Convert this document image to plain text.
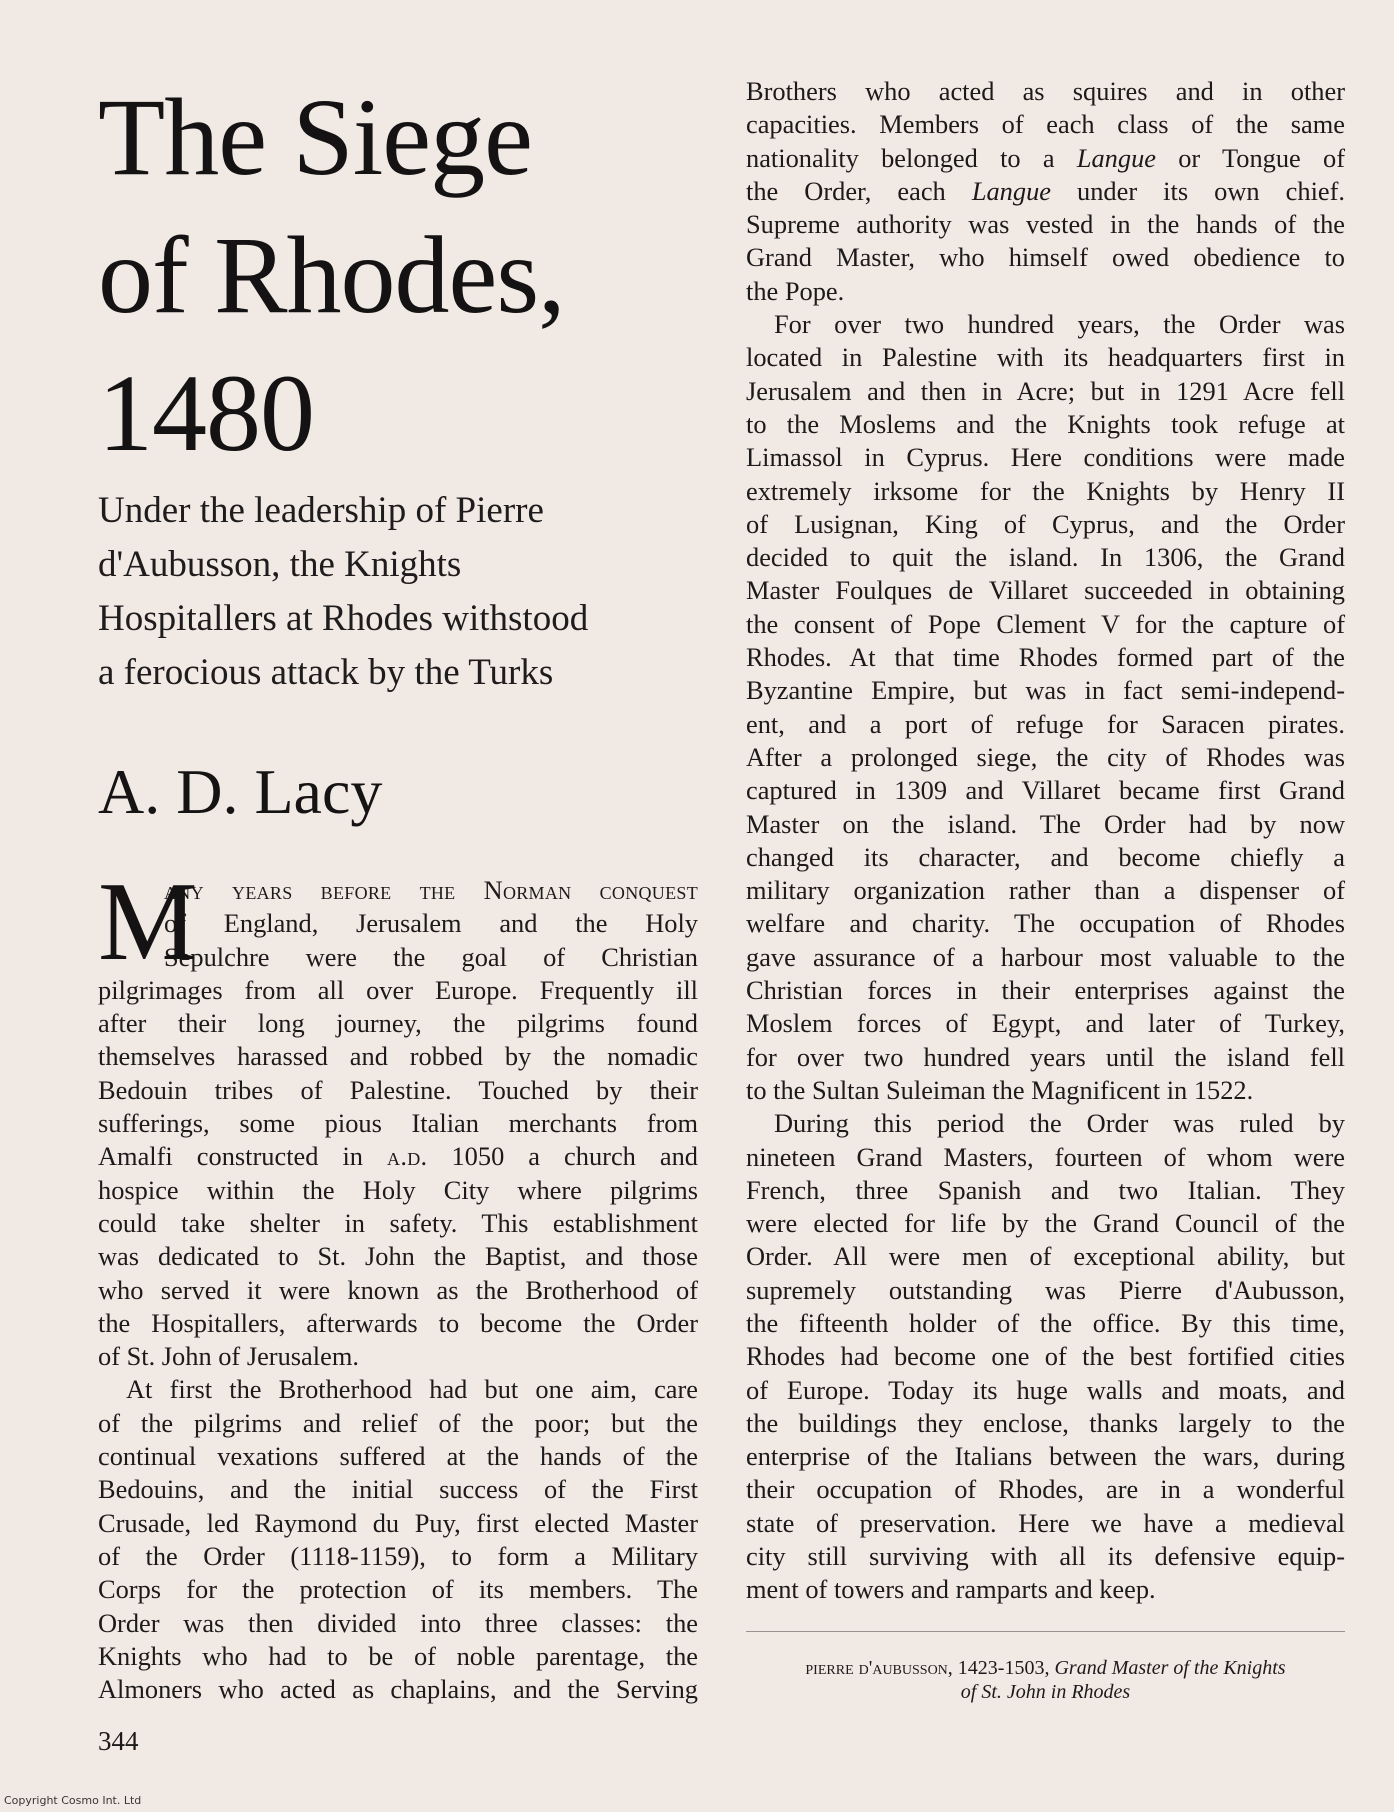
The Siege
of Rhodes,
1480

Under the leadership of Pierre
d'Aubusson, the Knights
Hospitallers at Rhodes withstood
a ferocious attack by the Turks

A. D. Lacy

M
any years before the Norman conquest
of England, Jerusalem and the Holy
Sepulchre were the goal of Christian
pilgrimages from all over Europe. Frequently ill
after their long journey, the pilgrims found
themselves harassed and robbed by the nomadic
Bedouin tribes of Palestine. Touched by their
sufferings, some pious Italian merchants from
Amalfi constructed in a.d. 1050 a church and
hospice within the Holy City where pilgrims
could take shelter in safety. This establishment
was dedicated to St. John the Baptist, and those
who served it were known as the Brotherhood of
the Hospitallers, afterwards to become the Order
of St. John of Jerusalem.
At first the Brotherhood had but one aim, care
of the pilgrims and relief of the poor; but the
continual vexations suffered at the hands of the
Bedouins, and the initial success of the First
Crusade, led Raymond du Puy, first elected Master
of the Order (1118-1159), to form a Military
Corps for the protection of its members. The
Order was then divided into three classes: the
Knights who had to be of noble parentage, the
Almoners who acted as chaplains, and the Serving
Brothers who acted as squires and in other
capacities. Members of each class of the same
nationality belonged to a Langue or Tongue of
the Order, each Langue under its own chief.
Supreme authority was vested in the hands of the
Grand Master, who himself owed obedience to
the Pope.
For over two hundred years, the Order was
located in Palestine with its headquarters first in
Jerusalem and then in Acre; but in 1291 Acre fell
to the Moslems and the Knights took refuge at
Limassol in Cyprus. Here conditions were made
extremely irksome for the Knights by Henry II
of Lusignan, King of Cyprus, and the Order
decided to quit the island. In 1306, the Grand
Master Foulques de Villaret succeeded in obtaining
the consent of Pope Clement V for the capture of
Rhodes. At that time Rhodes formed part of the
Byzantine Empire, but was in fact semi-independ-
ent, and a port of refuge for Saracen pirates.
After a prolonged siege, the city of Rhodes was
captured in 1309 and Villaret became first Grand
Master on the island. The Order had by now
changed its character, and become chiefly a
military organization rather than a dispenser of
welfare and charity. The occupation of Rhodes
gave assurance of a harbour most valuable to the
Christian forces in their enterprises against the
Moslem forces of Egypt, and later of Turkey,
for over two hundred years until the island fell
to the Sultan Suleiman the Magnificent in 1522.
During this period the Order was ruled by
nineteen Grand Masters, fourteen of whom were
French, three Spanish and two Italian. They
were elected for life by the Grand Council of the
Order. All were men of exceptional ability, but
supremely outstanding was Pierre d'Aubusson,
the fifteenth holder of the office. By this time,
Rhodes had become one of the best fortified cities
of Europe. Today its huge walls and moats, and
the buildings they enclose, thanks largely to the
enterprise of the Italians between the wars, during
their occupation of Rhodes, are in a wonderful
state of preservation. Here we have a medieval
city still surviving with all its defensive equip-
ment of towers and ramparts and keep.
pierre d'aubusson, 1423-1503, Grand Master of the Knights
of St. John in Rhodes
344
Copyright Cosmo Int. Ltd
